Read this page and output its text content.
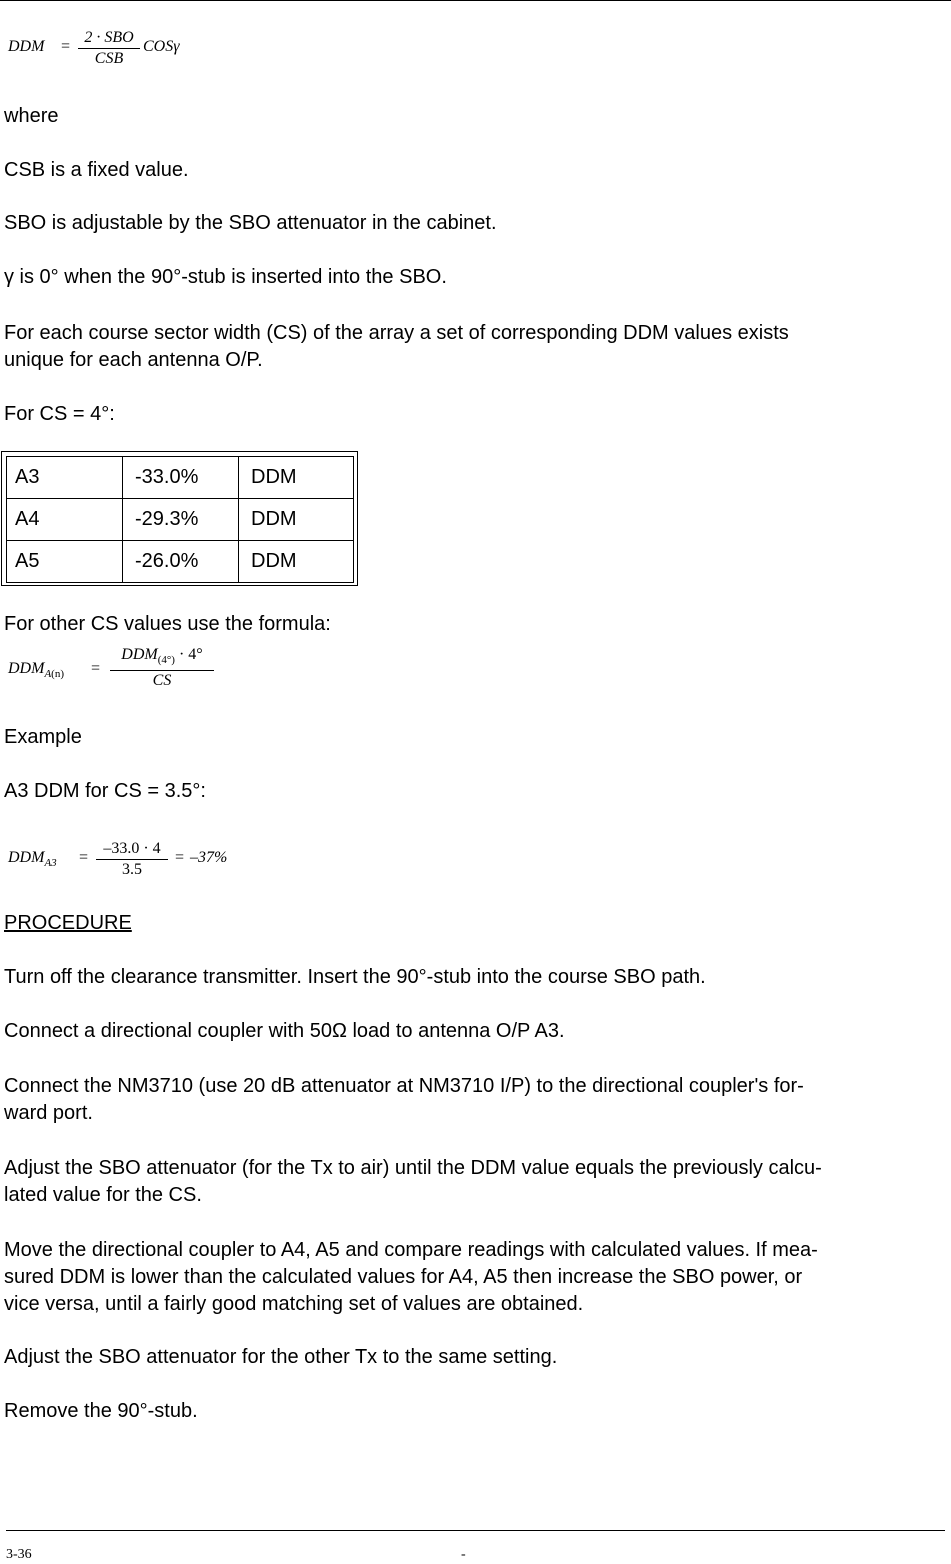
DDM =
2 · SBO
CSB
COSγ

where

CSB is a fixed value.

SBO is adjustable by the SBO attenuator in the cabinet.

γ is 0° when the 90°-stub is inserted into the SBO.

For each course sector width (CS) of the array a set of corresponding DDM values exists

unique for each antenna O/P.

For CS = 4°:

A3	-33.0%	DDM
A4	-29.3%	DDM
A5	-26.0%	DDM

For other CS values use the formula:

$DDM_{A(n)}$ =
$DDM_{(4^\circ)} \cdot 4^\circ$
CS

Example

A3 DDM for CS = 3.5°:

$DDM_{A3}$ =
–33.0 · 4
3.5
= –37%

PROCEDURE

Turn off the clearance transmitter. Insert the 90°-stub into the course SBO path.

Connect a directional coupler with 50Ω load to antenna O/P A3.

Connect the NM3710 (use 20 dB attenuator at NM3710 I/P) to the directional coupler's for-

ward port.

Adjust the SBO attenuator (for the Tx to air) until the DDM value equals the previously calcu-

lated value for the CS.

Move the directional coupler to A4, A5 and compare readings with calculated values. If mea-

sured DDM is lower than the calculated values for A4, A5 then increase the SBO power, or

vice versa, until a fairly good matching set of values are obtained.

Adjust the SBO attenuator for the other Tx to the same setting.

Remove the 90°-stub.

3-36	-
